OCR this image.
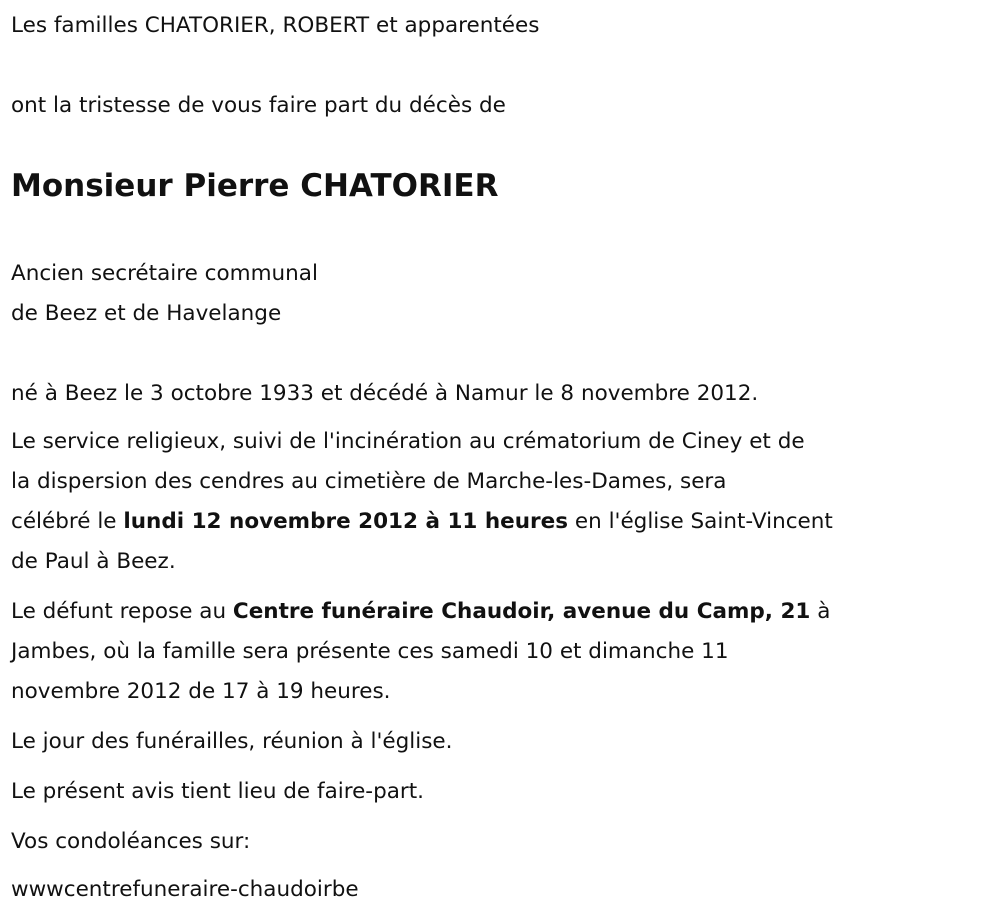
Les familles CHATORIER, ROBERT et apparentées
ont la tristesse de vous faire part du décès de
Monsieur Pierre CHATORIER
Ancien secrétaire communal
de Beez et de Havelange
né à Beez le 3 octobre 1933 et décédé à Namur le 8 novembre 2012.
Le service religieux, suivi de l'incinération au crématorium de Ciney et de
la dispersion des cendres au cimetière de Marche-les-Dames, sera
célébré le lundi 12 novembre 2012 à 11 heures en l'église Saint-Vincent
de Paul à Beez.
Le défunt repose au Centre funéraire Chaudoir, avenue du Camp, 21 à
Jambes, où la famille sera présente ces samedi 10 et dimanche 11
novembre 2012 de 17 à 19 heures.
Le jour des funérailles, réunion à l'église.
Le présent avis tient lieu de faire-part.
Vos condoléances sur:
wwwcentrefuneraire-chaudoirbe
